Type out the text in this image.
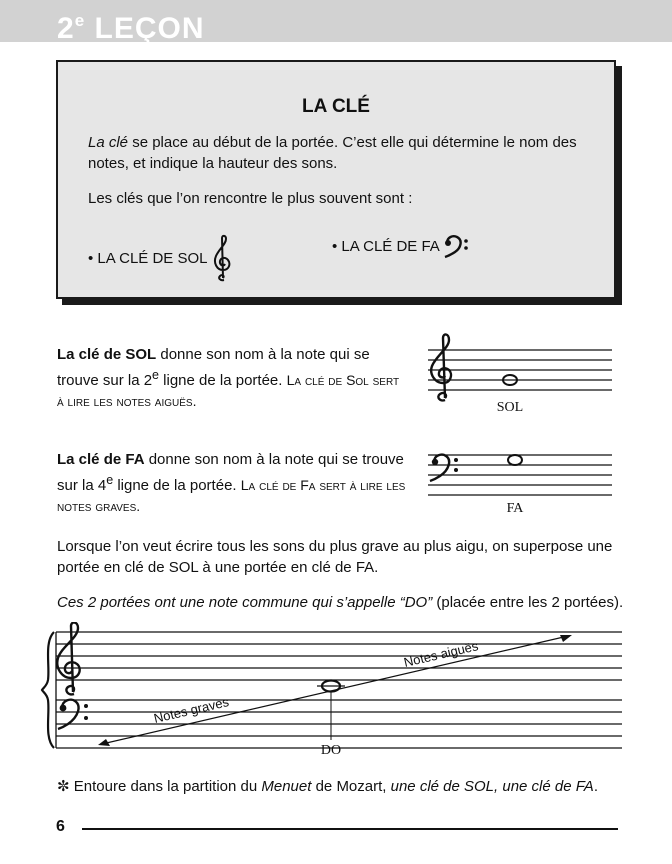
2e LEÇON
LA CLÉ

La clé se place au début de la portée. C’est elle qui détermine le nom des notes, et indique la hauteur des sons.

Les clés que l’on rencontre le plus souvent sont :

• LA CLÉ DE SOL
• LA CLÉ DE FA

La clé de SOL donne son nom à la note qui se trouve sur la 2e ligne de la portée. La clé de Sol sert à lire les notes aiguës.	SOL

La clé de FA donne son nom à la note qui se trouve sur la 4e ligne de la portée. La clé de Fa sert à lire les notes graves.	FA

Lorsque l’on veut écrire tous les sons du plus grave au plus aigu, on superpose une portée en clé de SOL à une portée en clé de FA.

Ces 2 portées ont une note commune qui s’appelle “DO” (placée entre les 2 portées).

DO
Notes graves
Notes aiguës

✼ Entoure dans la partition du Menuet de Mozart, une clé de SOL, une clé de FA.

6
